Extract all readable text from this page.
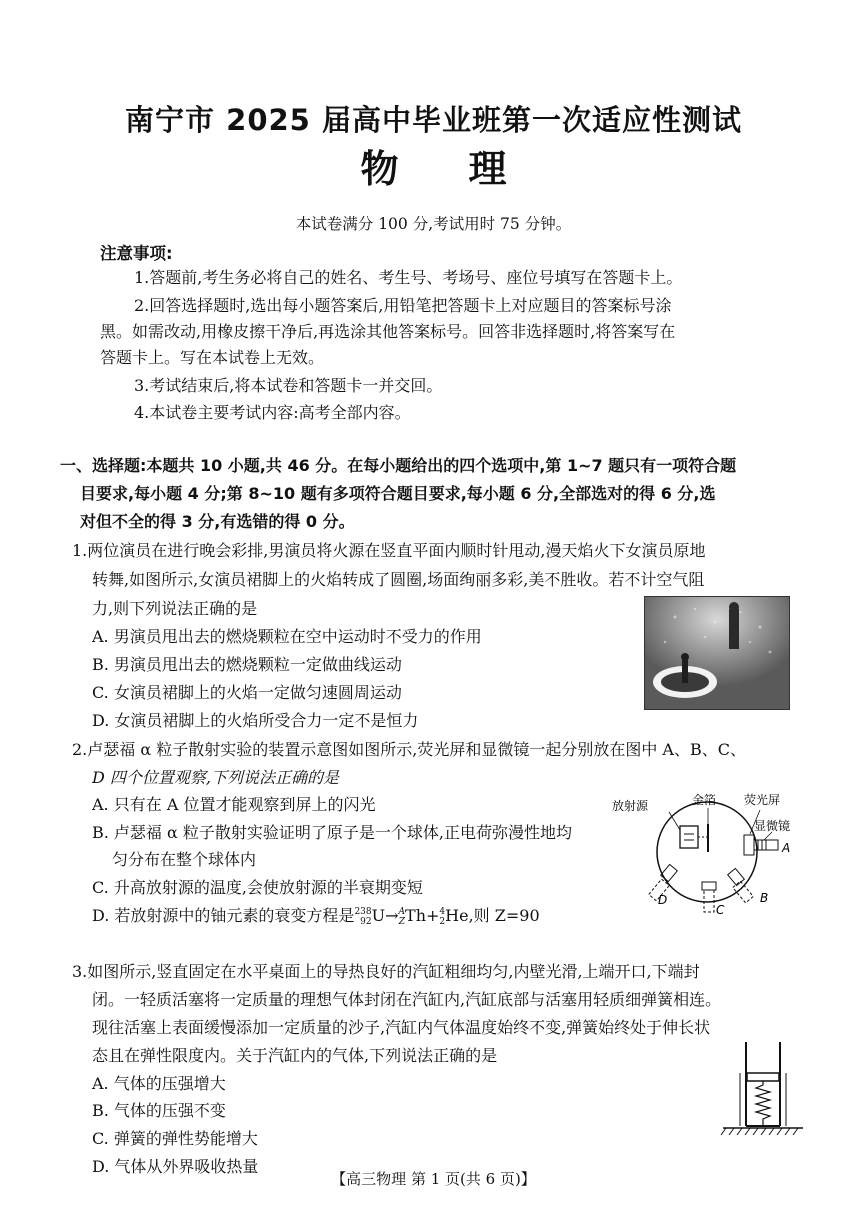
南宁市 2025 届高中毕业班第一次适应性测试
物理
本试卷满分 100 分,考试用时 75 分钟。
注意事项:
1.答题前,考生务必将自己的姓名、考生号、考场号、座位号填写在答题卡上。
2.回答选择题时,选出每小题答案后,用铅笔把答题卡上对应题目的答案标号涂
黑。如需改动,用橡皮擦干净后,再选涂其他答案标号。回答非选择题时,将答案写在
答题卡上。写在本试卷上无效。
3.考试结束后,将本试卷和答题卡一并交回。
4.本试卷主要考试内容:高考全部内容。
一、选择题:本题共 10 小题,共 46 分。在每小题给出的四个选项中,第 1~7 题只有一项符合题
目要求,每小题 4 分;第 8~10 题有多项符合题目要求,每小题 6 分,全部选对的得 6 分,选
对但不全的得 3 分,有选错的得 0 分。
1.两位演员在进行晚会彩排,男演员将火源在竖直平面内顺时针甩动,漫天焰火下女演员原地
转舞,如图所示,女演员裙脚上的火焰转成了圆圈,场面绚丽多彩,美不胜收。若不计空气阻
力,则下列说法正确的是
A. 男演员甩出去的燃烧颗粒在空中运动时不受力的作用
B. 男演员甩出去的燃烧颗粒一定做曲线运动
C. 女演员裙脚上的火焰一定做匀速圆周运动
D. 女演员裙脚上的火焰所受合力一定不是恒力
2.卢瑟福 α 粒子散射实验的装置示意图如图所示,荧光屏和显微镜一起分别放在图中 A、B、C、
D 四个位置观察,下列说法正确的是
A. 只有在 A 位置才能观察到屏上的闪光
B. 卢瑟福 α 粒子散射实验证明了原子是一个球体,正电荷弥漫性地均
匀分布在整个球体内
C. 升高放射源的温度,会使放射源的半衰期变短
D. 若放射源中的铀元素的衰变方程是 238
92 U→ A
Z Th+ 4
2 He,则 Z=90
放射源	金箔 荧光屏
显微镜
A
B
C
D
3.如图所示,竖直固定在水平桌面上的导热良好的汽缸粗细均匀,内壁光滑,上端开口,下端封
闭。一轻质活塞将一定质量的理想气体封闭在汽缸内,汽缸底部与活塞用轻质细弹簧相连。
现往活塞上表面缓慢添加一定质量的沙子,汽缸内气体温度始终不变,弹簧始终处于伸长状
态且在弹性限度内。关于汽缸内的气体,下列说法正确的是
A. 气体的压强增大
B. 气体的压强不变
C. 弹簧的弹性势能增大
D. 气体从外界吸收热量
【高三物理 第 1 页(共 6 页)】
